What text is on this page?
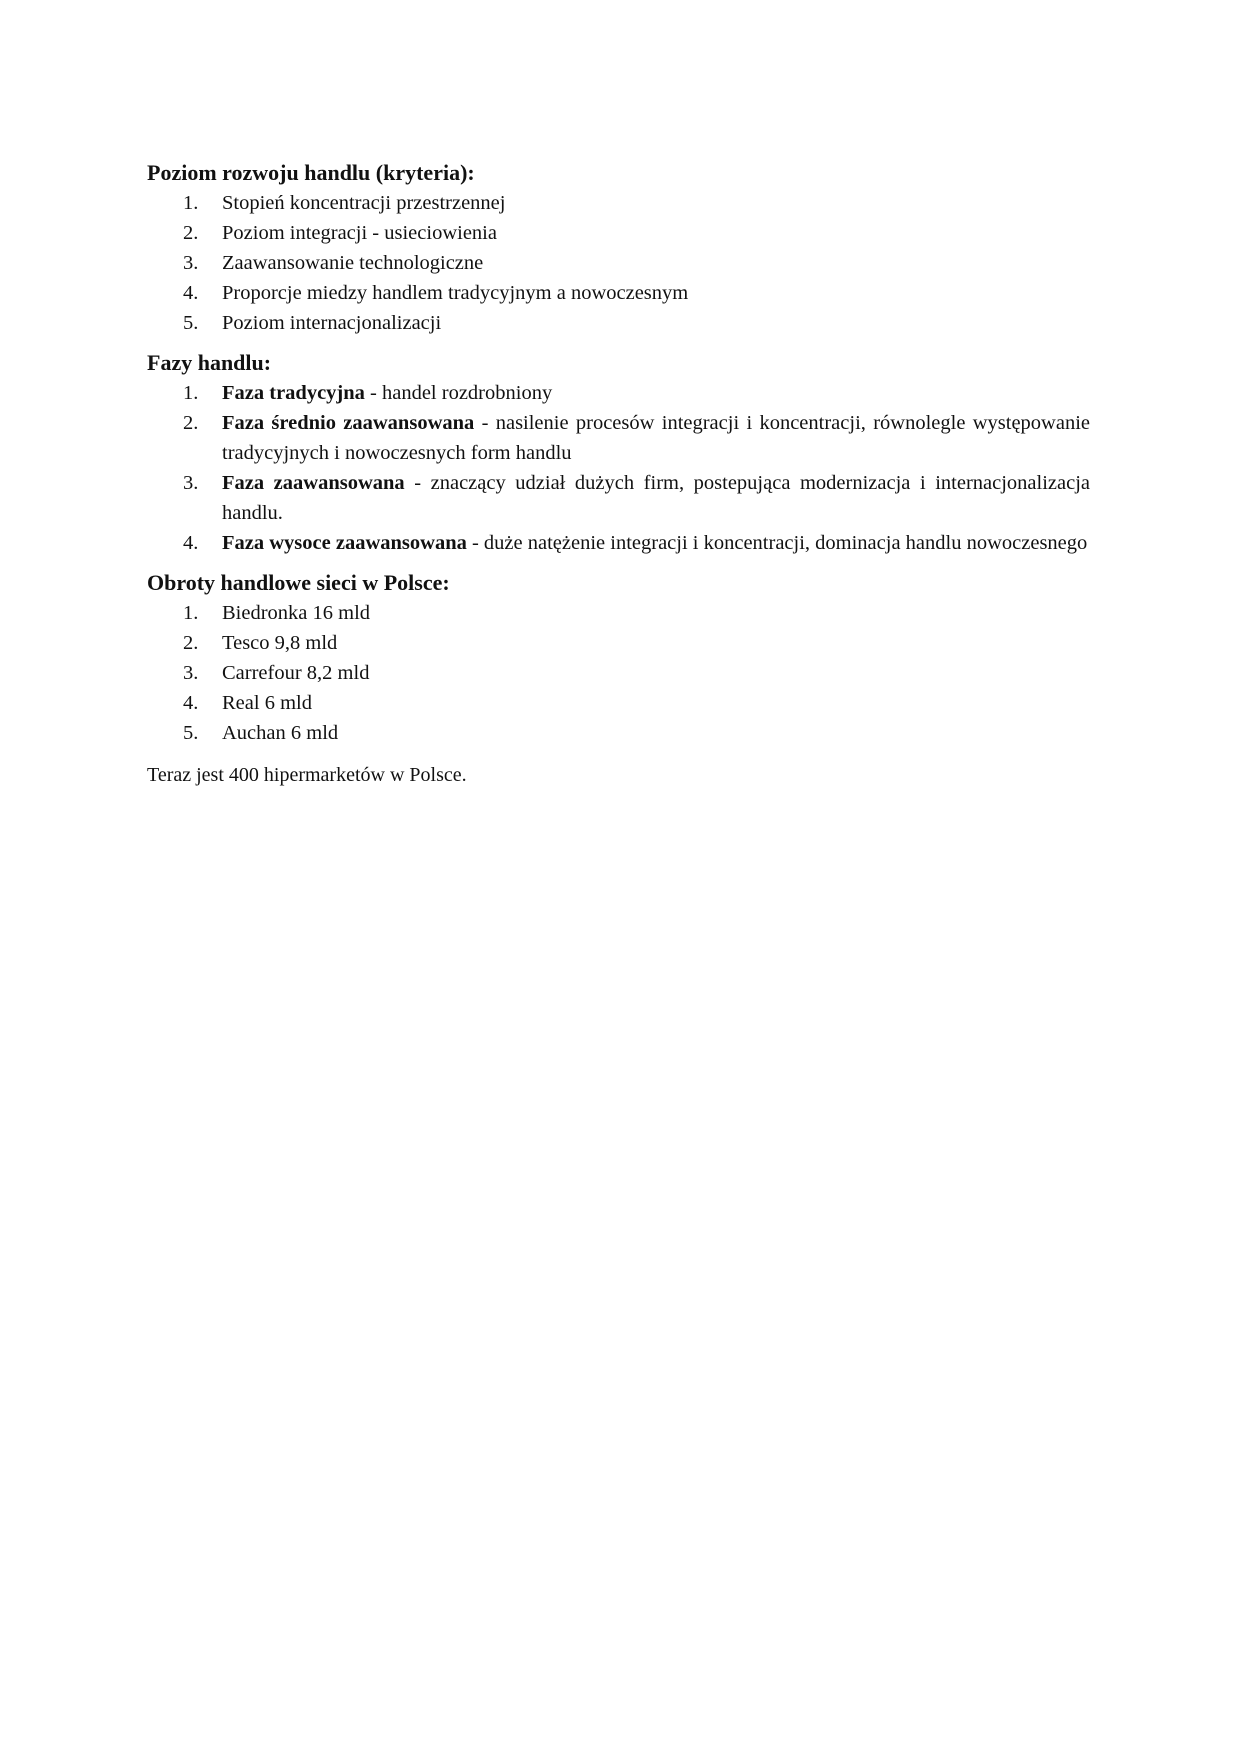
Poziom rozwoju handlu (kryteria):

1. Stopień koncentracji przestrzennej
2. Poziom integracji - usieciowienia
3. Zaawansowanie technologiczne
4. Proporcje miedzy handlem tradycyjnym a nowoczesnym
5. Poziom internacjonalizacji

Fazy handlu:

1. Faza tradycyjna - handel rozdrobniony
2. Faza średnio zaawansowana - nasilenie procesów integracji i koncentracji, równolegle występowanie tradycyjnych i nowoczesnych form handlu
3. Faza zaawansowana - znaczący udział dużych firm, postepująca modernizacja i internacjonalizacja handlu.
4. Faza wysoce zaawansowana - duże natężenie integracji i koncentracji, dominacja handlu nowoczesnego

Obroty handlowe sieci w Polsce:

1. Biedronka 16 mld
2. Tesco 9,8 mld
3. Carrefour 8,2 mld
4. Real 6 mld
5. Auchan 6 mld

Teraz jest 400 hipermarketów w Polsce.
